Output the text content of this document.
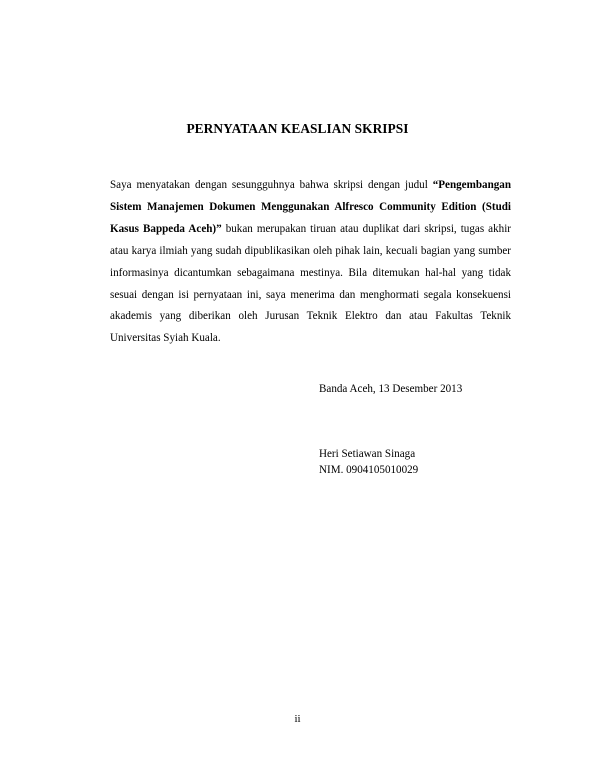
PERNYATAAN KEASLIAN SKRIPSI

Saya menyatakan dengan sesungguhnya bahwa skripsi dengan judul “Pengembangan Sistem Manajemen Dokumen Menggunakan Alfresco Community Edition (Studi Kasus Bappeda Aceh)” bukan merupakan tiruan atau duplikat dari skripsi, tugas akhir atau karya ilmiah yang sudah dipublikasikan oleh pihak lain, kecuali bagian yang sumber informasinya dicantumkan sebagaimana mestinya. Bila ditemukan hal-hal yang tidak sesuai dengan isi pernyataan ini, saya menerima dan menghormati segala konsekuensi akademis yang diberikan oleh Jurusan Teknik Elektro dan atau Fakultas Teknik Universitas Syiah Kuala.

Banda Aceh, 13 Desember 2013
Heri Setiawan Sinaga
NIM. 0904105010029
ii
